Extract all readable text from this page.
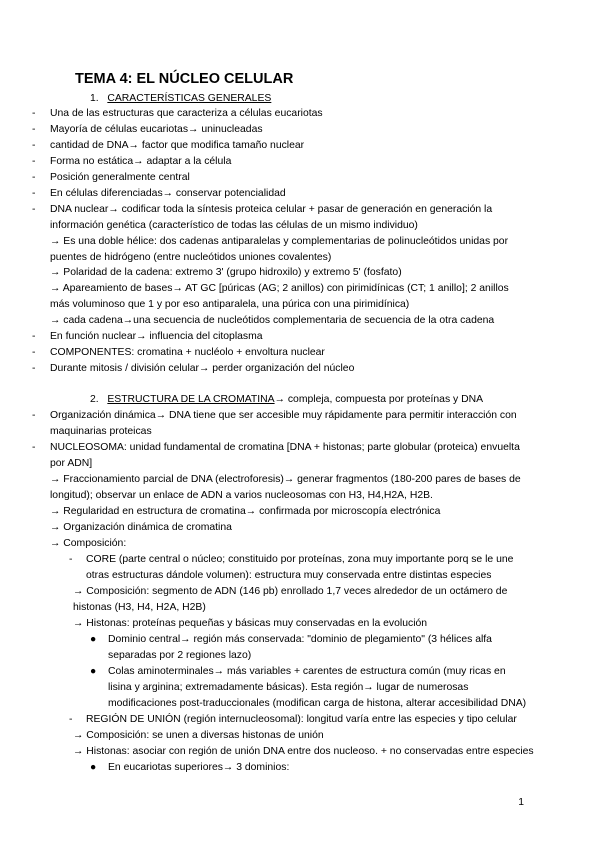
TEMA 4: EL NÚCLEO CELULAR
1. CARACTERÍSTICAS GENERALES
- Una de las estructuras que caracteriza a células eucariotas
- Mayoría de células eucariotas→ uninucleadas
- cantidad de DNA→ factor que modifica tamaño nuclear
- Forma no estática→ adaptar a la célula
- Posición generalmente central
- En células diferenciadas→ conservar potencialidad
- DNA nuclear→ codificar toda la síntesis proteica celular + pasar de generación en generación la
información genética (característico de todas las células de un mismo individuo)
→ Es una doble hélice: dos cadenas antiparalelas y complementarias de polinucleótidos unidas por
puentes de hidrógeno (entre nucleótidos uniones covalentes)
→ Polaridad de la cadena: extremo 3' (grupo hidroxilo) y extremo 5' (fosfato)
→ Apareamiento de bases→ AT GC [púricas (AG; 2 anillos) con pirimidínicas (CT; 1 anillo]; 2 anillos
más voluminoso que 1 y por eso antiparalela, una púrica con una pirimidínica)
→ cada cadena→una secuencia de nucleótidos complementaria de secuencia de la otra cadena
- En función nuclear→ influencia del citoplasma
- COMPONENTES: cromatina + nucléolo + envoltura nuclear
- Durante mitosis / división celular→ perder organización del núcleo
2. ESTRUCTURA DE LA CROMATINA→ compleja, compuesta por proteínas y DNA
- Organización dinámica→ DNA tiene que ser accesible muy rápidamente para permitir interacción con
maquinarias proteicas
- NUCLEOSOMA: unidad fundamental de cromatina [DNA + histonas; parte globular (proteica) envuelta
por ADN]
→ Fraccionamiento parcial de DNA (electroforesis)→ generar fragmentos (180-200 pares de bases de
longitud); observar un enlace de ADN a varios nucleosomas con H3, H4,H2A, H2B.
→ Regularidad en estructura de cromatina→ confirmada por microscopía electrónica
→ Organización dinámica de cromatina
→ Composición:
- CORE (parte central o núcleo; constituido por proteínas, zona muy importante porq se le une
otras estructuras dándole volumen): estructura muy conservada entre distintas especies
→ Composición: segmento de ADN (146 pb) enrollado 1,7 veces alrededor de un octámero de
histonas (H3, H4, H2A, H2B)
→ Histonas: proteínas pequeñas y básicas muy conservadas en la evolución
● Dominio central→ región más conservada: "dominio de plegamiento" (3 hélices alfa
separadas por 2 regiones lazo)
● Colas aminoterminales→ más variables + carentes de estructura común (muy ricas en
lisina y arginina; extremadamente básicas). Esta región→ lugar de numerosas
modificaciones post-traduccionales (modifican carga de histona, alterar accesibilidad DNA)
- REGIÓN DE UNIÓN (región internucleosomal): longitud varía entre las especies y tipo celular
→ Composición: se unen a diversas histonas de unión
→ Histonas: asociar con región de unión DNA entre dos nucleoso. + no conservadas entre especies
● En eucariotas superiores→ 3 dominios:
1
